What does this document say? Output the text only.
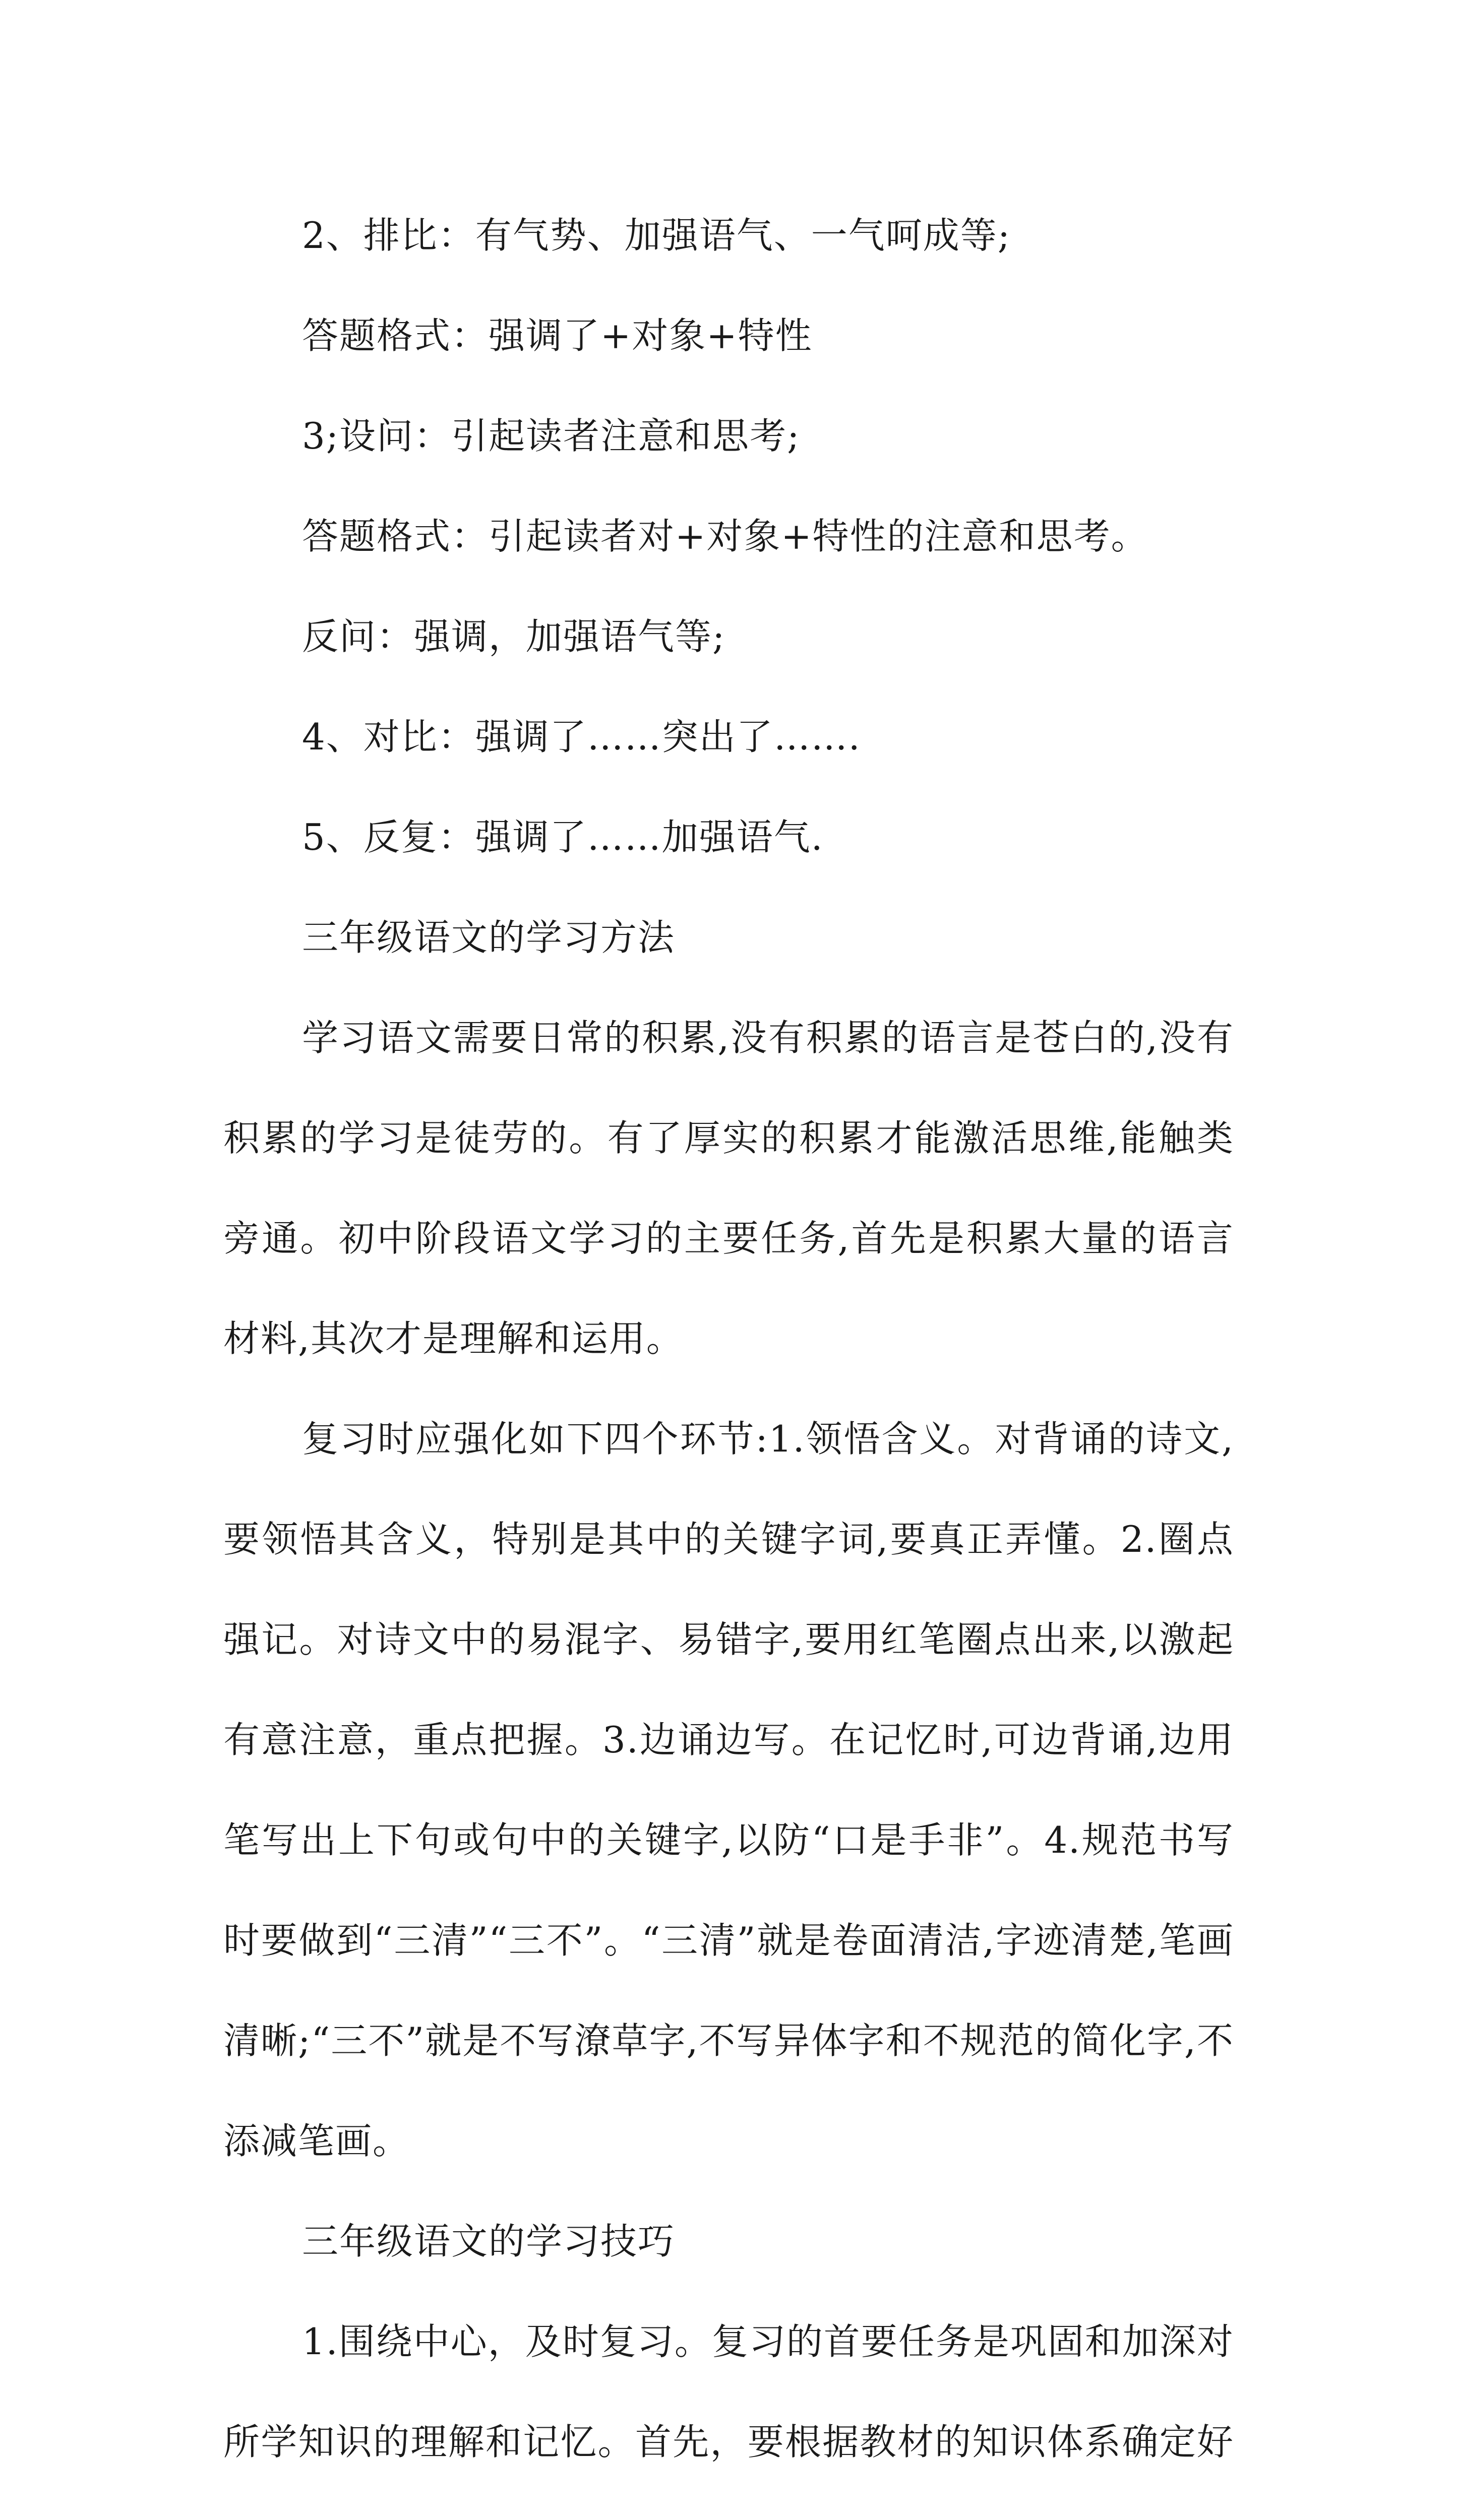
2、排比：有气势、加强语气、一气呵成等;

答题格式：强调了+对象+特性

3;设问：引起读者注意和思考;

答题格式：引起读者对+对象+特性的注意和思考。

反问：强调，加强语气等;

4、对比：强调了……突出了…….

5、反复：强调了……加强语气.

三年级语文的学习方法

学习语文需要日常的积累,没有积累的语言是苍白的,没有积累的学习是徒劳的。有了厚实的积累才能激活思维,能触类旁通。初中阶段语文学习的主要任务,首先是积累大量的语言材料,其次才是理解和运用。

复习时应强化如下四个环节:1.领悟含义。对背诵的诗文,要领悟其含义，特别是其中的关键字词,要真正弄懂。2.圈点强记。对诗文中的易混字、易错字,要用红笔圈点出来,以激起有意注意，重点把握。3.边诵边写。在记忆时,可边背诵,边用笔写出上下句或句中的关键字,以防“口是手非”。4.规范书写时要做到“三清”“三不”。“三清”就是卷面清洁,字迹清楚,笔画清晰;“三不”就是不写潦草字,不写异体字和不规范的简化字,不添减笔画。

三年级语文的学习技巧

1.围绕中心，及时复习。复习的首要任务是巩固和加深对所学知识的理解和记忆。首先，要根据教材的知识体系确定好
